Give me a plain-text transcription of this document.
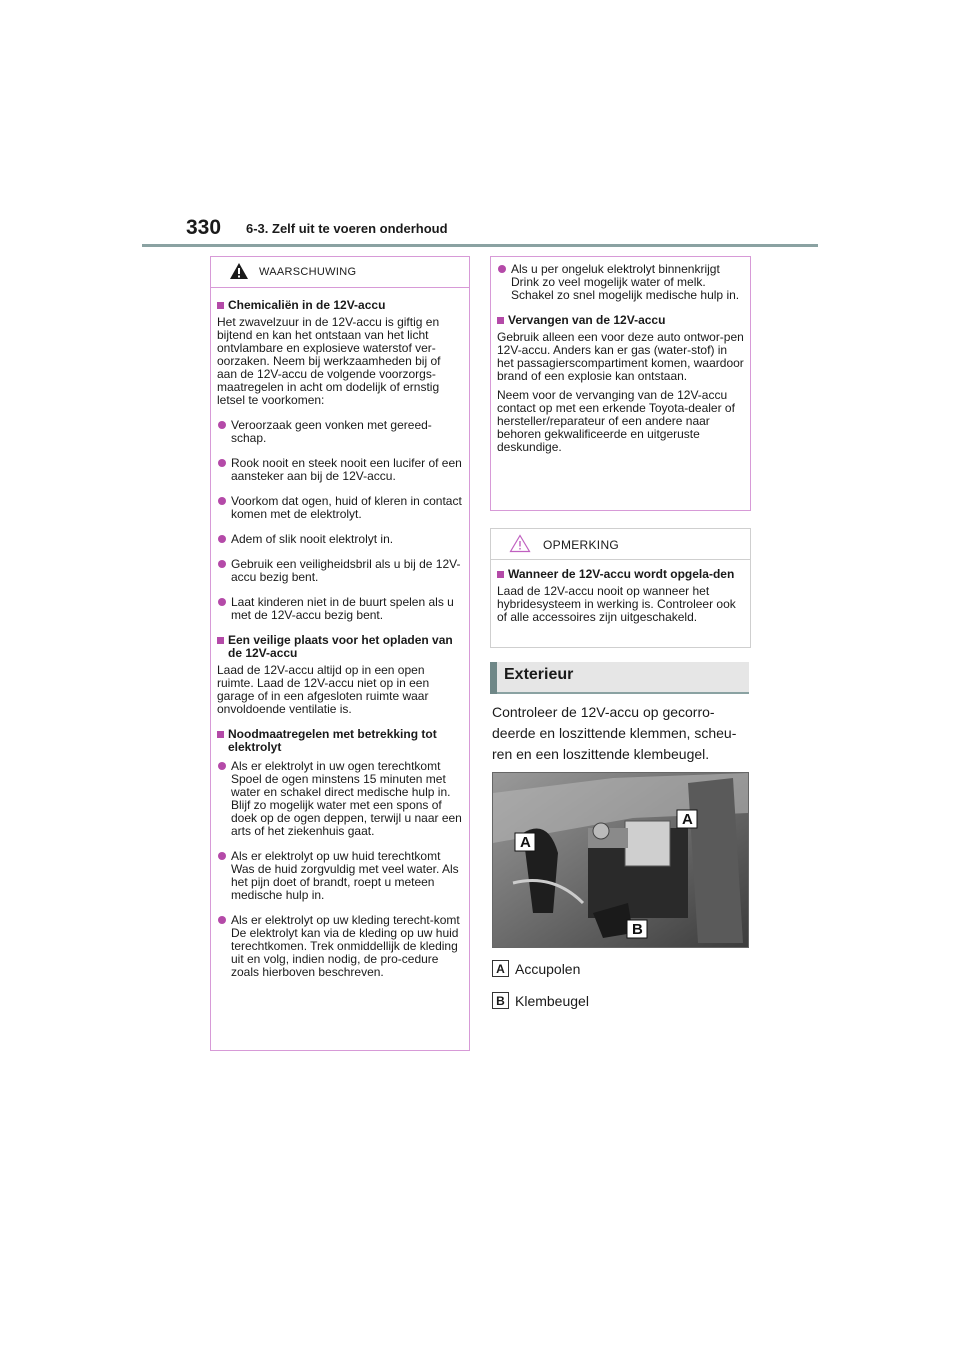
330 6-3. Zelf uit te voeren onderhoud
WAARSCHUWING
Chemicaliën in de 12V-accu
Het zwavelzuur in de 12V-accu is giftig en bijtend en kan het ontstaan van het licht ontvlambare en explosieve waterstof ver-oorzaken. Neem bij werkzaamheden bij of aan de 12V-accu de volgende voorzorgs-maatregelen in acht om dodelijk of ernstig letsel te voorkomen:
Veroorzaak geen vonken met gereed-schap.
Rook nooit en steek nooit een lucifer of een aansteker aan bij de 12V-accu.
Voorkom dat ogen, huid of kleren in contact komen met de elektrolyt.
Adem of slik nooit elektrolyt in.
Gebruik een veiligheidsbril als u bij de 12V-accu bezig bent.
Laat kinderen niet in de buurt spelen als u met de 12V-accu bezig bent.
Een veilige plaats voor het opladen van de 12V-accu
Laad de 12V-accu altijd op in een open ruimte. Laad de 12V-accu niet op in een garage of in een afgesloten ruimte waar onvoldoende ventilatie is.
Noodmaatregelen met betrekking tot elektrolyt
Als er elektrolyt in uw ogen terechtkomt
Spoel de ogen minstens 15 minuten met water en schakel direct medische hulp in. Blijf zo mogelijk water met een spons of doek op de ogen deppen, terwijl u naar een arts of het ziekenhuis gaat.
Als er elektrolyt op uw huid terechtkomt
Was de huid zorgvuldig met veel water. Als het pijn doet of brandt, roept u meteen medische hulp in.
Als er elektrolyt op uw kleding terecht-komt
De elektrolyt kan via de kleding op uw huid terechtkomen. Trek onmiddellijk de kleding uit en volg, indien nodig, de pro-cedure zoals hierboven beschreven.
Als u per ongeluk elektrolyt binnenkrijgt
Drink zo veel mogelijk water of melk. Schakel zo snel mogelijk medische hulp in.
Vervangen van de 12V-accu
Gebruik alleen een voor deze auto ontwor-pen 12V-accu. Anders kan er gas (water-stof) in het passagierscompartiment komen, waardoor brand of een explosie kan ontstaan.
Neem voor de vervanging van de 12V-accu contact op met een erkende Toyota-dealer of hersteller/reparateur of een andere naar behoren gekwalificeerde en uitgeruste deskundige.
OPMERKING
Wanneer de 12V-accu wordt opgela-den
Laad de 12V-accu nooit op wanneer het hybridesysteem in werking is. Controleer ook of alle accessoires zijn uitgeschakeld.
Exterieur
Controleer de 12V-accu op gecorro-deerde en loszittende klemmen, scheu-ren en een loszittende klembeugel.
A
A
B
A Accupolen
B Klembeugel
